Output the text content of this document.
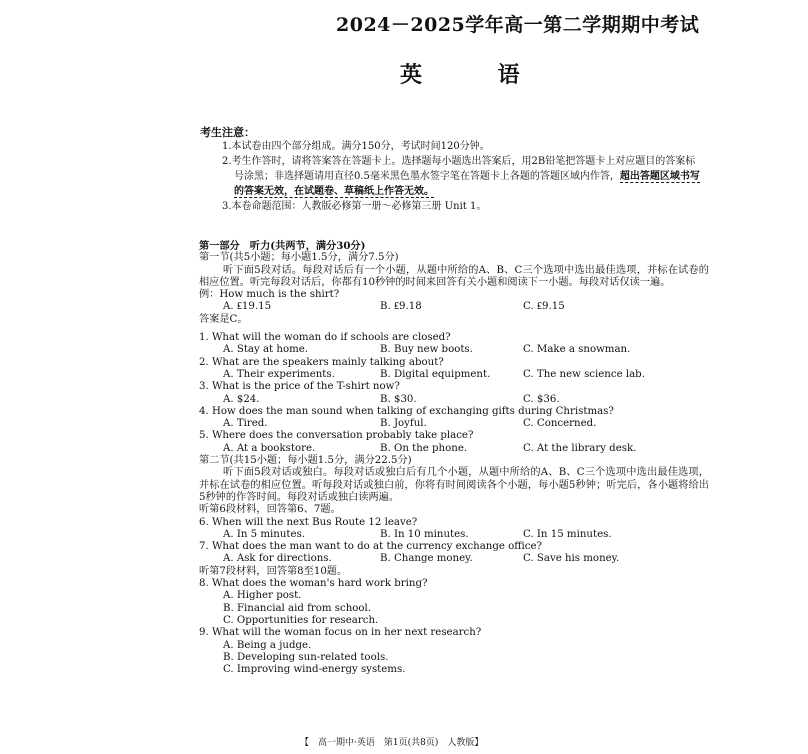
2024－2025学年高一第二学期期中考试
英 语
考生注意：
1.本试卷由四个部分组成。满分150分，考试时间120分钟。
2.考生作答时，请将答案答在答题卡上。选择题每小题选出答案后，用2B铅笔把答题卡上对应题目的答案标号涂黑；非选择题请用直径0.5毫米黑色墨水签字笔在答题卡上各题的答题区域内作答，超出答题区域书写的答案无效，在试题卷、草稿纸上作答无效。
3.本卷命题范围：人教版必修第一册～必修第三册 Unit 1。
第一部分　听力(共两节，满分30分)
第一节(共5小题；每小题1.5分，满分7.5分)
听下面5段对话。每段对话后有一个小题，从题中所给的A、B、C三个选项中选出最佳选项，并标在试卷的相应位置。听完每段对话后，你都有10秒钟的时间来回答有关小题和阅读下一小题。每段对话仅读一遍。
例：How much is the shirt?
A. ₤19.15	B. ₤9.18	C. ₤9.15
答案是C。
1. What will the woman do if schools are closed?
A. Stay at home.	B. Buy new boots.	C. Make a snowman.
2. What are the speakers mainly talking about?
A. Their experiments.	B. Digital equipment.	C. The new science lab.
3. What is the price of the T-shirt now?
A. $24.	B. $30.	C. $36.
4. How does the man sound when talking of exchanging gifts during Christmas?
A. Tired.	B. Joyful.	C. Concerned.
5. Where does the conversation probably take place?
A. At a bookstore.	B. On the phone.	C. At the library desk.
第二节(共15小题；每小题1.5分，满分22.5分)
听下面5段对话或独白。每段对话或独白后有几个小题，从题中所给的A、B、C三个选项中选出最佳选项，并标在试卷的相应位置。听每段对话或独白前，你将有时间阅读各个小题，每小题5秒钟；听完后，各小题将给出5秒钟的作答时间。每段对话或独白读两遍。
听第6段材料，回答第6、7题。
6. When will the next Bus Route 12 leave?
A. In 5 minutes.	B. In 10 minutes.	C. In 15 minutes.
7. What does the man want to do at the currency exchange office?
A. Ask for directions.	B. Change money.	C. Save his money.
听第7段材料，回答第8至10题。
8. What does the woman's hard work bring?
A. Higher post.
B. Financial aid from school.
C. Opportunities for research.
9. What will the woman focus on in her next research?
A. Being a judge.
B. Developing sun-related tools.
C. Improving wind-energy systems.
【　高一期中·英语　第1页(共8页)　人教版】
